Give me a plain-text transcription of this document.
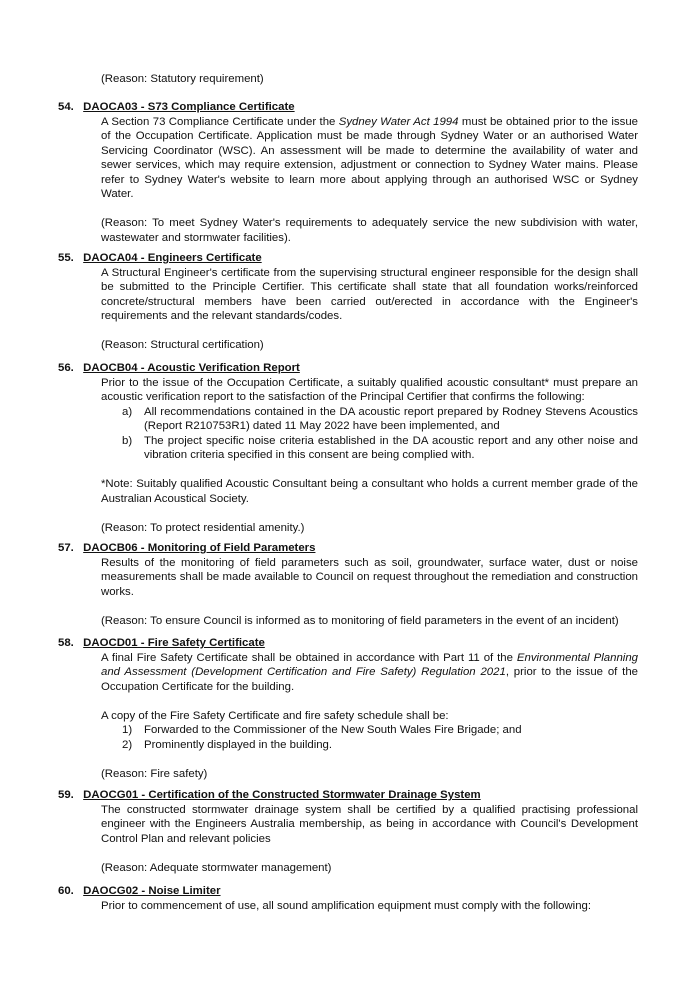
(Reason: Statutory requirement)
54. DAOCA03 - S73 Compliance Certificate

A Section 73 Compliance Certificate under the Sydney Water Act 1994 must be obtained prior to the issue of the Occupation Certificate. Application must be made through Sydney Water or an authorised Water Servicing Coordinator (WSC). An assessment will be made to determine the availability of water and sewer services, which may require extension, adjustment or connection to Sydney Water mains. Please refer to Sydney Water's website to learn more about applying through an authorised WSC or Sydney Water.

(Reason: To meet Sydney Water's requirements to adequately service the new subdivision with water, wastewater and stormwater facilities).

55. DAOCA04 - Engineers Certificate

A Structural Engineer's certificate from the supervising structural engineer responsible for the design shall be submitted to the Principle Certifier. This certificate shall state that all foundation works/reinforced concrete/structural members have been carried out/erected in accordance with the Engineer's requirements and the relevant standards/codes.

(Reason: Structural certification)

56. DAOCB04 - Acoustic Verification Report

Prior to the issue of the Occupation Certificate, a suitably qualified acoustic consultant* must prepare an acoustic verification report to the satisfaction of the Principal Certifier that confirms the following:

a) All recommendations contained in the DA acoustic report prepared by Rodney Stevens Acoustics (Report R210753R1) dated 11 May 2022 have been implemented, and
b) The project specific noise criteria established in the DA acoustic report and any other noise and vibration criteria specified in this consent are being complied with.

*Note: Suitably qualified Acoustic Consultant being a consultant who holds a current member grade of the Australian Acoustical Society.

(Reason: To protect residential amenity.)

57. DAOCB06 - Monitoring of Field Parameters

Results of the monitoring of field parameters such as soil, groundwater, surface water, dust or noise measurements shall be made available to Council on request throughout the remediation and construction works.

(Reason: To ensure Council is informed as to monitoring of field parameters in the event of an incident)

58. DAOCD01 - Fire Safety Certificate

A final Fire Safety Certificate shall be obtained in accordance with Part 11 of the Environmental Planning and Assessment (Development Certification and Fire Safety) Regulation 2021, prior to the issue of the Occupation Certificate for the building.

A copy of the Fire Safety Certificate and fire safety schedule shall be:

1) Forwarded to the Commissioner of the New South Wales Fire Brigade; and
2) Prominently displayed in the building.

(Reason: Fire safety)

59. DAOCG01 - Certification of the Constructed Stormwater Drainage System

The constructed stormwater drainage system shall be certified by a qualified practising professional engineer with the Engineers Australia membership, as being in accordance with Council's Development Control Plan and relevant policies

(Reason: Adequate stormwater management)

60. DAOCG02 - Noise Limiter

Prior to commencement of use, all sound amplification equipment must comply with the following:
